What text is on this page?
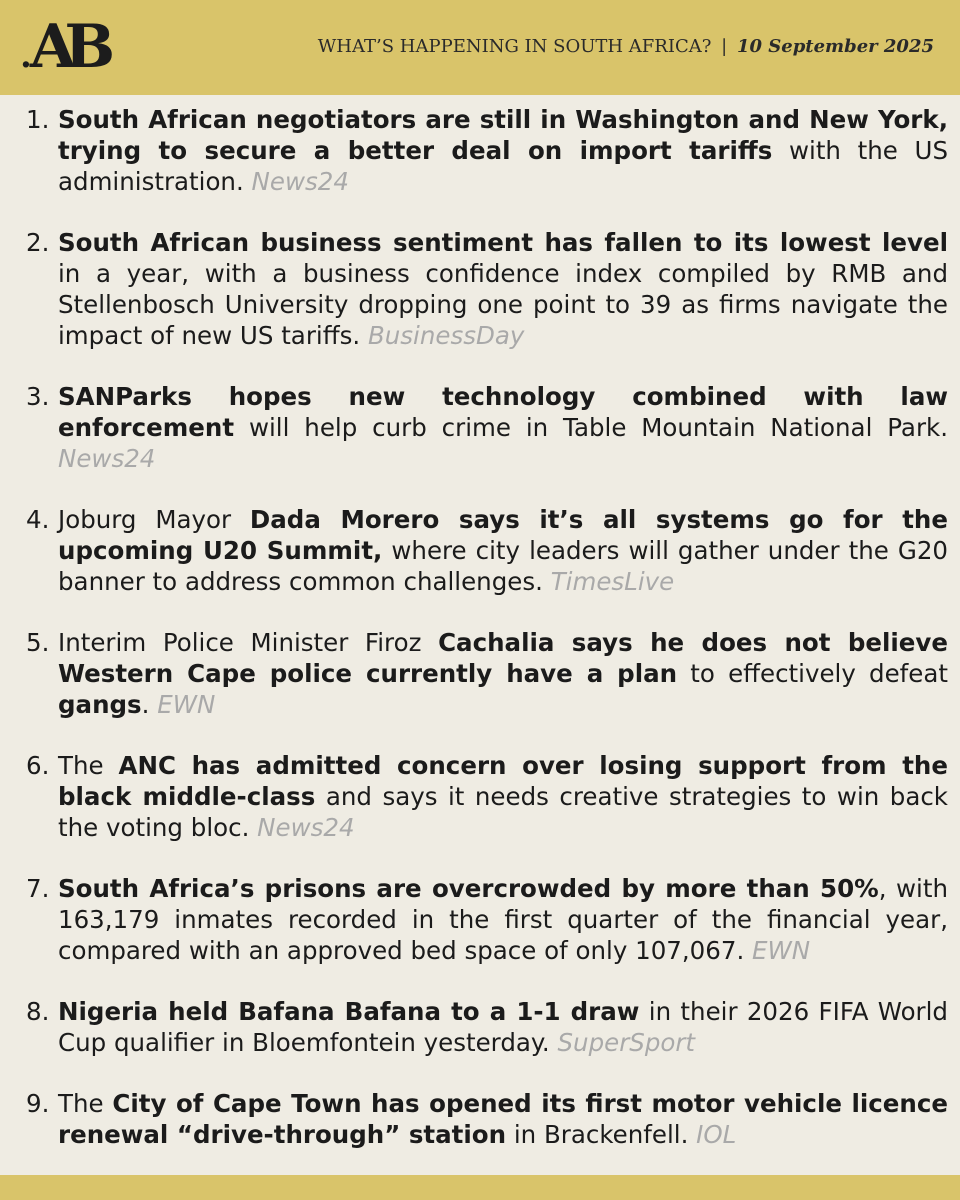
.AB	WHAT’S HAPPENING IN SOUTH AFRICA? | 10 September 2025
1. South African negotiators are still in Washington and New York, trying to secure a better deal on import tariffs with the US administration. News24
2. South African business sentiment has fallen to its lowest level in a year, with a business confidence index compiled by RMB and Stellenbosch University dropping one point to 39 as firms navigate the impact of new US tariffs. BusinessDay
3. SANParks hopes new technology combined with law enforcement will help curb crime in Table Mountain National Park. News24
4. Joburg Mayor Dada Morero says it’s all systems go for the upcoming U20 Summit, where city leaders will gather under the G20 banner to address common challenges. TimesLive
5. Interim Police Minister Firoz Cachalia says he does not believe Western Cape police currently have a plan to effectively defeat gangs. EWN
6. The ANC has admitted concern over losing support from the black middle-class and says it needs creative strategies to win back the voting bloc. News24
7. South Africa’s prisons are overcrowded by more than 50%, with 163,179 inmates recorded in the first quarter of the financial year, compared with an approved bed space of only 107,067. EWN
8. Nigeria held Bafana Bafana to a 1-1 draw in their 2026 FIFA World Cup qualifier in Bloemfontein yesterday. SuperSport
9. The City of Cape Town has opened its first motor vehicle licence renewal “drive-through” station in Brackenfell. IOL
